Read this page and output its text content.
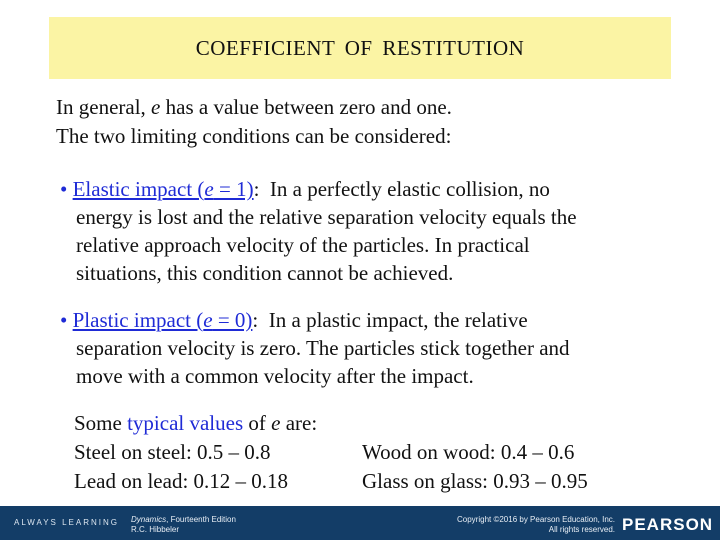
COEFFICIENT OF RESTITUTION
In general, e has a value between zero and one.
The two limiting conditions can be considered:
• Elastic impact (e = 1):  In a perfectly elastic collision, no
energy is lost and the relative separation velocity equals the
relative approach velocity of the particles. In practical
situations, this condition cannot be achieved.
• Plastic impact (e = 0):  In a plastic impact, the relative
separation velocity is zero. The particles stick together and
move with a common velocity after the impact.
Some typical values of e are:
Steel on steel: 0.5 – 0.8	Wood on wood: 0.4 – 0.6
Lead on lead: 0.12 – 0.18	Glass on glass: 0.93 – 0.95
ALWAYS LEARNING Dynamics, Fourteenth Edition
R.C. Hibbeler
Copyright ©2016 by Pearson Education, Inc.
All rights reserved. PEARSON
